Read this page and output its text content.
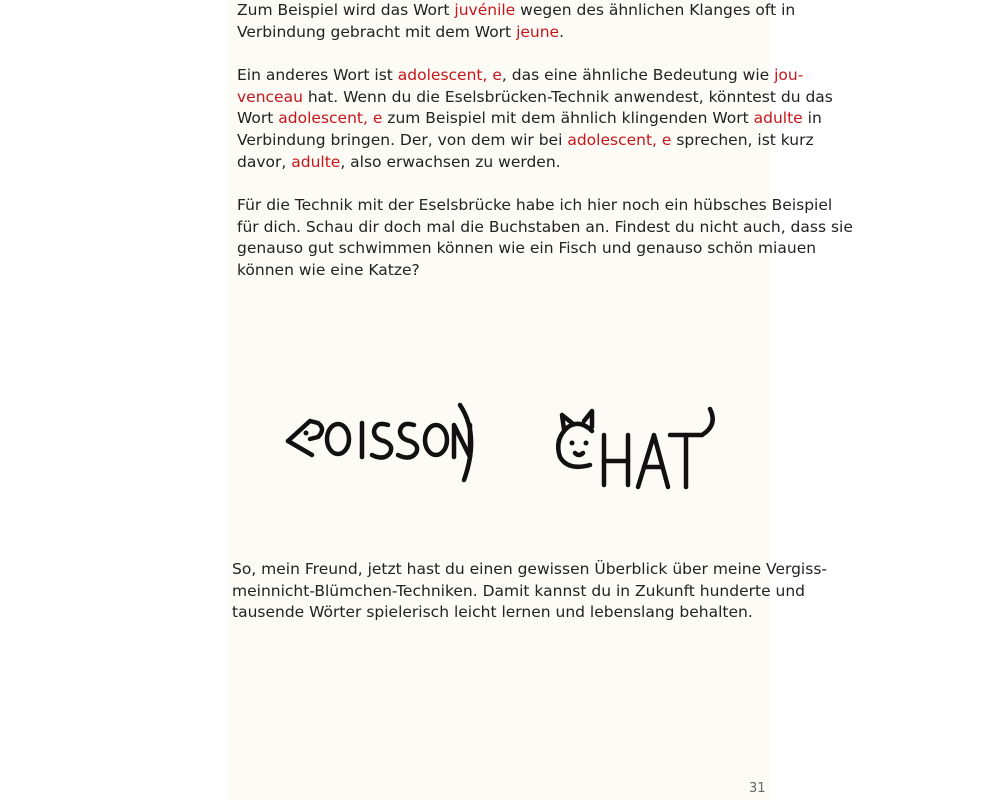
Zum Beispiel wird das Wort juvénile wegen des ähnlichen Klanges oft in
Verbindung gebracht mit dem Wort jeune.
Ein anderes Wort ist adolescent, e, das eine ähnliche Bedeutung wie jou-
venceau hat. Wenn du die Eselsbrücken-Technik anwendest, könntest du das
Wort adolescent, e zum Beispiel mit dem ähnlich klingenden Wort adulte in
Verbindung bringen. Der, von dem wir bei adolescent, e sprechen, ist kurz
davor, adulte, also erwachsen zu werden.
Für die Technik mit der Eselsbrücke habe ich hier noch ein hübsches Beispiel
für dich. Schau dir doch mal die Buchstaben an. Findest du nicht auch, dass sie
genauso gut schwimmen können wie ein Fisch und genauso schön miauen
können wie eine Katze?
So, mein Freund, jetzt hast du einen gewissen Überblick über meine Vergiss-
meinnicht-Blümchen-Techniken. Damit kannst du in Zukunft hunderte und
tausende Wörter spielerisch leicht lernen und lebenslang behalten.
31
